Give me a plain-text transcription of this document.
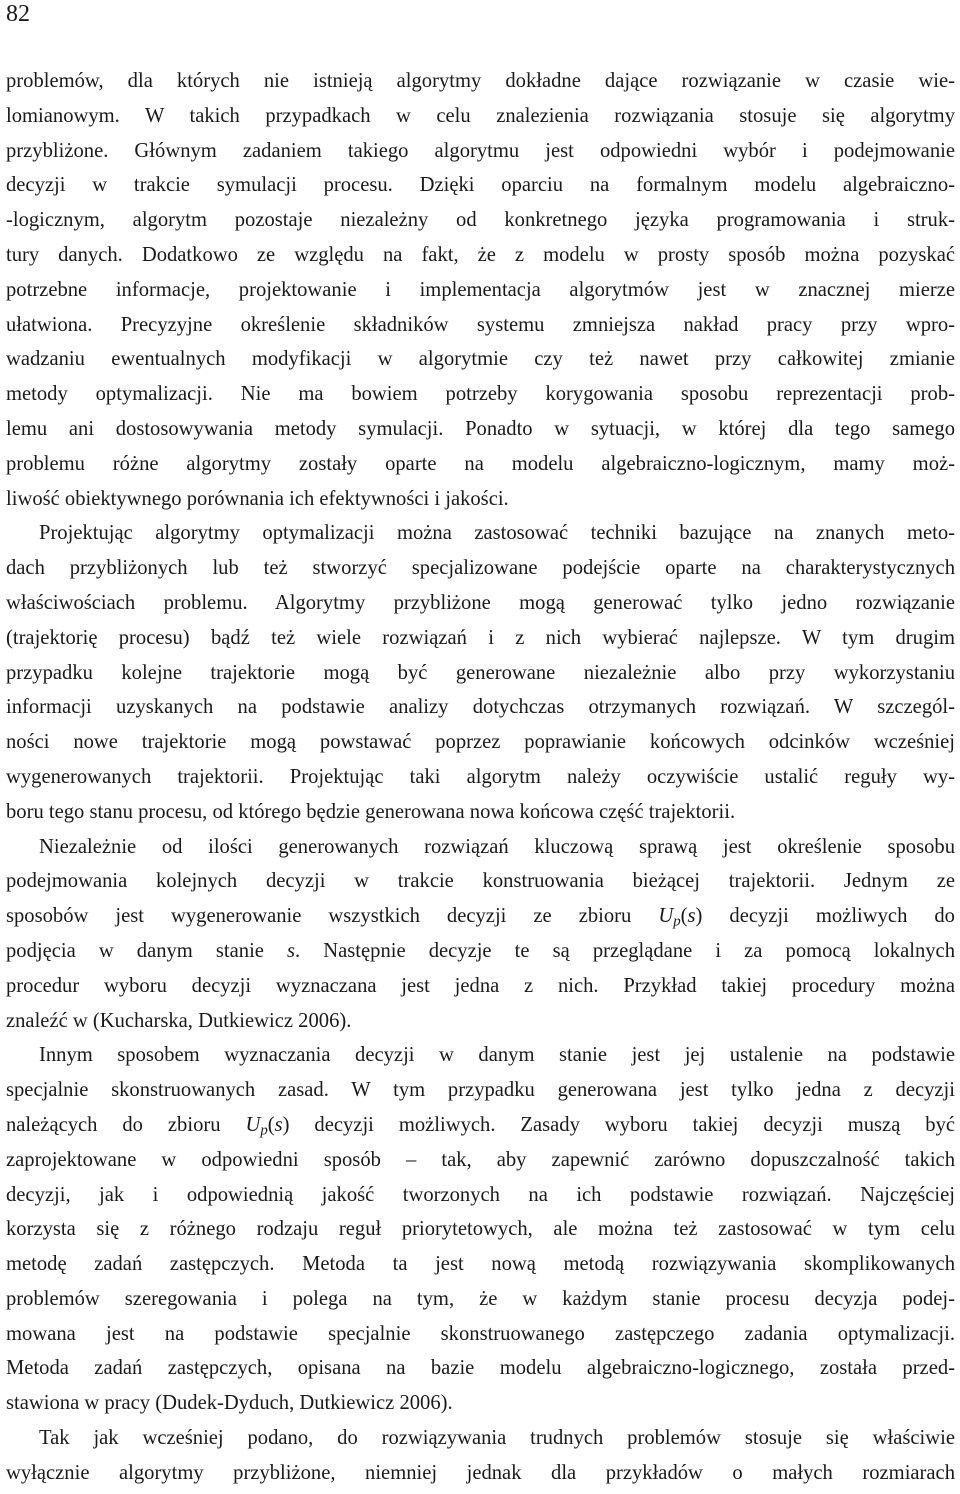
82
problemów, dla których nie istnieją algorytmy dokładne dające rozwiązanie w czasie wie-
lomianowym. W takich przypadkach w celu znalezienia rozwiązania stosuje się algorytmy
przybliżone. Głównym zadaniem takiego algorytmu jest odpowiedni wybór i podejmowanie
decyzji w trakcie symulacji procesu. Dzięki oparciu na formalnym modelu algebraiczno-
-logicznym, algorytm pozostaje niezależny od konkretnego języka programowania i struk-
tury danych. Dodatkowo ze względu na fakt, że z modelu w prosty sposób można pozyskać
potrzebne informacje, projektowanie i implementacja algorytmów jest w znacznej mierze
ułatwiona. Precyzyjne określenie składników systemu zmniejsza nakład pracy przy wpro-
wadzaniu ewentualnych modyfikacji w algorytmie czy też nawet przy całkowitej zmianie
metody optymalizacji. Nie ma bowiem potrzeby korygowania sposobu reprezentacji prob-
lemu ani dostosowywania metody symulacji. Ponadto w sytuacji, w której dla tego samego
problemu różne algorytmy zostały oparte na modelu algebraiczno-logicznym, mamy moż-
liwość obiektywnego porównania ich efektywności i jakości.
Projektując algorytmy optymalizacji można zastosować techniki bazujące na znanych meto-
dach przybliżonych lub też stworzyć specjalizowane podejście oparte na charakterystycznych
właściwościach problemu. Algorytmy przybliżone mogą generować tylko jedno rozwiązanie
(trajektorię procesu) bądź też wiele rozwiązań i z nich wybierać najlepsze. W tym drugim
przypadku kolejne trajektorie mogą być generowane niezależnie albo przy wykorzystaniu
informacji uzyskanych na podstawie analizy dotychczas otrzymanych rozwiązań. W szczegól-
ności nowe trajektorie mogą powstawać poprzez poprawianie końcowych odcinków wcześniej
wygenerowanych trajektorii. Projektując taki algorytm należy oczywiście ustalić reguły wy-
boru tego stanu procesu, od którego będzie generowana nowa końcowa część trajektorii.
Niezależnie od ilości generowanych rozwiązań kluczową sprawą jest określenie sposobu
podejmowania kolejnych decyzji w trakcie konstruowania bieżącej trajektorii. Jednym ze
sposobów jest wygenerowanie wszystkich decyzji ze zbioru $U_p(s)$ decyzji możliwych do
podjęcia w danym stanie s. Następnie decyzje te są przeglądane i za pomocą lokalnych
procedur wyboru decyzji wyznaczana jest jedna z nich. Przykład takiej procedury można
znaleźć w (Kucharska, Dutkiewicz 2006).
Innym sposobem wyznaczania decyzji w danym stanie jest jej ustalenie na podstawie
specjalnie skonstruowanych zasad. W tym przypadku generowana jest tylko jedna z decyzji
należących do zbioru $U_p(s)$ decyzji możliwych. Zasady wyboru takiej decyzji muszą być
zaprojektowane w odpowiedni sposób – tak, aby zapewnić zarówno dopuszczalność takich
decyzji, jak i odpowiednią jakość tworzonych na ich podstawie rozwiązań. Najczęściej
korzysta się z różnego rodzaju reguł priorytetowych, ale można też zastosować w tym celu
metodę zadań zastępczych. Metoda ta jest nową metodą rozwiązywania skomplikowanych
problemów szeregowania i polega na tym, że w każdym stanie procesu decyzja podej-
mowana jest na podstawie specjalnie skonstruowanego zastępczego zadania optymalizacji.
Metoda zadań zastępczych, opisana na bazie modelu algebraiczno-logicznego, została przed-
stawiona w pracy (Dudek-Dyduch, Dutkiewicz 2006).
Tak jak wcześniej podano, do rozwiązywania trudnych problemów stosuje się właściwie
wyłącznie algorytmy przybliżone, niemniej jednak dla przykładów o małych rozmiarach
